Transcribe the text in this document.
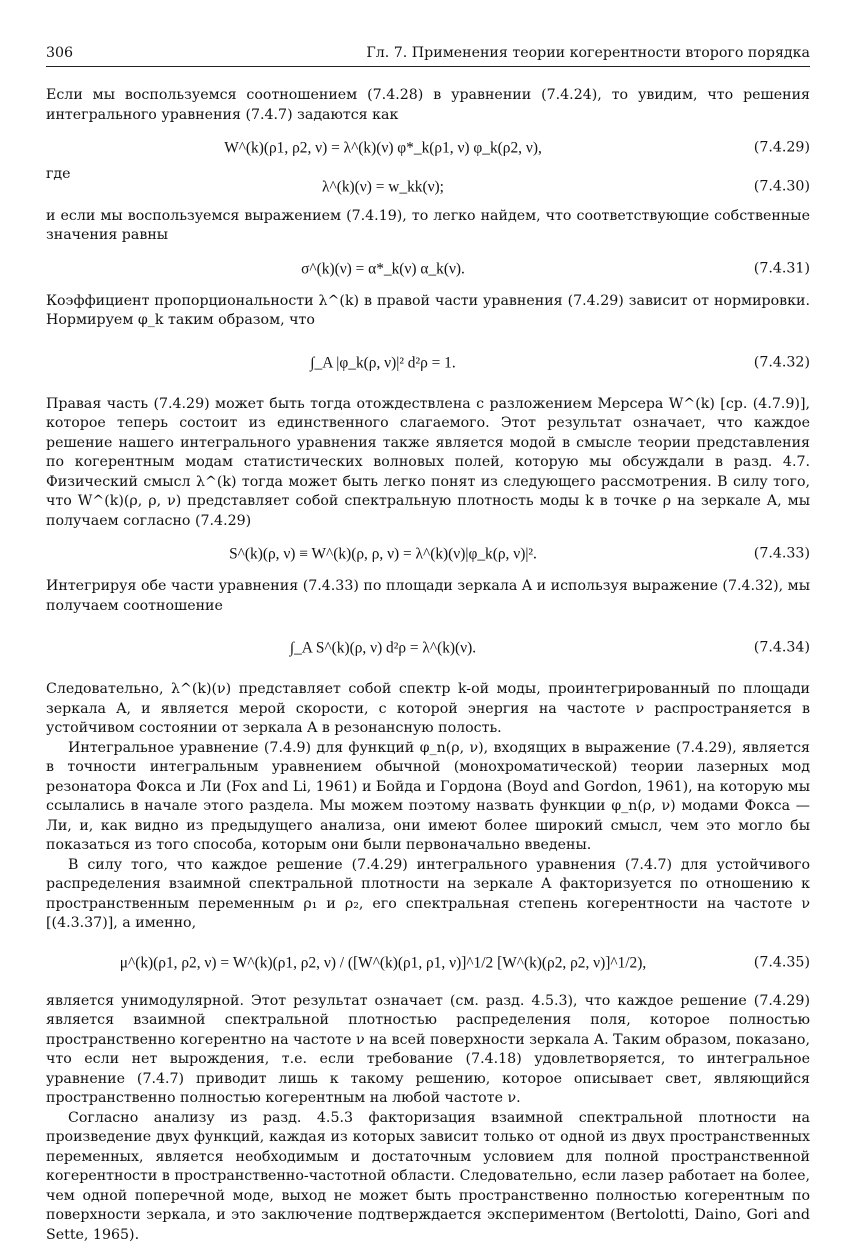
306	Гл. 7. Применения теории когерентности второго порядка

Если мы воспользуемся соотношением (7.4.28) в уравнении (7.4.24), то увидим, что решения интегрального уравнения (7.4.7) задаются как

W^(k)(ρ1, ρ2, ν) = λ^(k)(ν) φ*_k(ρ1, ν) φ_k(ρ2, ν),	(7.4.29)

где

λ^(k)(ν) = w_kk(ν);	(7.4.30)

и если мы воспользуемся выражением (7.4.19), то легко найдем, что соответствующие собственные значения равны

σ^(k)(ν) = α*_k(ν) α_k(ν).	(7.4.31)

Коэффициент пропорциональности λ^(k) в правой части уравнения (7.4.29) зависит от нормировки. Нормируем φ_k таким образом, что

∫_A |φ_k(ρ, ν)|² d²ρ = 1.	(7.4.32)

Правая часть (7.4.29) может быть тогда отождествлена с разложением Мерсера W^(k) [ср. (4.7.9)], которое теперь состоит из единственного слагаемого. Этот результат означает, что каждое решение нашего интегрального уравнения также является модой в смысле теории представления по когерентным модам статистических волновых полей, которую мы обсуждали в разд. 4.7. Физический смысл λ^(k) тогда может быть легко понят из следующего рассмотрения. В силу того, что W^(k)(ρ, ρ, ν) представляет собой спектральную плотность моды k в точке ρ на зеркале A, мы получаем согласно (7.4.29)

S^(k)(ρ, ν) ≡ W^(k)(ρ, ρ, ν) = λ^(k)(ν)|φ_k(ρ, ν)|².	(7.4.33)

Интегрируя обе части уравнения (7.4.33) по площади зеркала A и используя выражение (7.4.32), мы получаем соотношение

∫_A S^(k)(ρ, ν) d²ρ = λ^(k)(ν).	(7.4.34)

Следовательно, λ^(k)(ν) представляет собой спектр k-ой моды, проинтегрированный по площади зеркала A, и является мерой скорости, с которой энергия на частоте ν распространяется в устойчивом состоянии от зеркала A в резонансную полость.

Интегральное уравнение (7.4.9) для функций φ_n(ρ, ν), входящих в выражение (7.4.29), является в точности интегральным уравнением обычной (монохроматической) теории лазерных мод резонатора Фокса и Ли (Fox and Li, 1961) и Бойда и Гордона (Boyd and Gordon, 1961), на которую мы ссылались в начале этого раздела. Мы можем поэтому назвать функции φ_n(ρ, ν) модами Фокса — Ли, и, как видно из предыдущего анализа, они имеют более широкий смысл, чем это могло бы показаться из того способа, которым они были первоначально введены.

В силу того, что каждое решение (7.4.29) интегрального уравнения (7.4.7) для устойчивого распределения взаимной спектральной плотности на зеркале A факторизуется по отношению к пространственным переменным ρ₁ и ρ₂, его спектральная степень когерентности на частоте ν [(4.3.37)], а именно,

μ^(k)(ρ1, ρ2, ν) = W^(k)(ρ1, ρ2, ν) / ([W^(k)(ρ1, ρ1, ν)]^1/2 [W^(k)(ρ2, ρ2, ν)]^1/2),	(7.4.35)

является унимодулярной. Этот результат означает (см. разд. 4.5.3), что каждое решение (7.4.29) является взаимной спектральной плотностью распределения поля, которое полностью пространственно когерентно на частоте ν на всей поверхности зеркала A. Таким образом, показано, что если нет вырождения, т.е. если требование (7.4.18) удовлетворяется, то интегральное уравнение (7.4.7) приводит лишь к такому решению, которое описывает свет, являющийся пространственно полностью когерентным на любой частоте ν.

Согласно анализу из разд. 4.5.3 факторизация взаимной спектральной плотности на произведение двух функций, каждая из которых зависит только от одной из двух пространственных переменных, является необходимым и достаточным условием для полной пространственной когерентности в пространственно-частотной области. Следовательно, если лазер работает на более, чем одной поперечной моде, выход не может быть пространственно полностью когерентным по поверхности зеркала, и это заключение подтверждается экспериментом (Bertolotti, Daino, Gori and Sette, 1965).
